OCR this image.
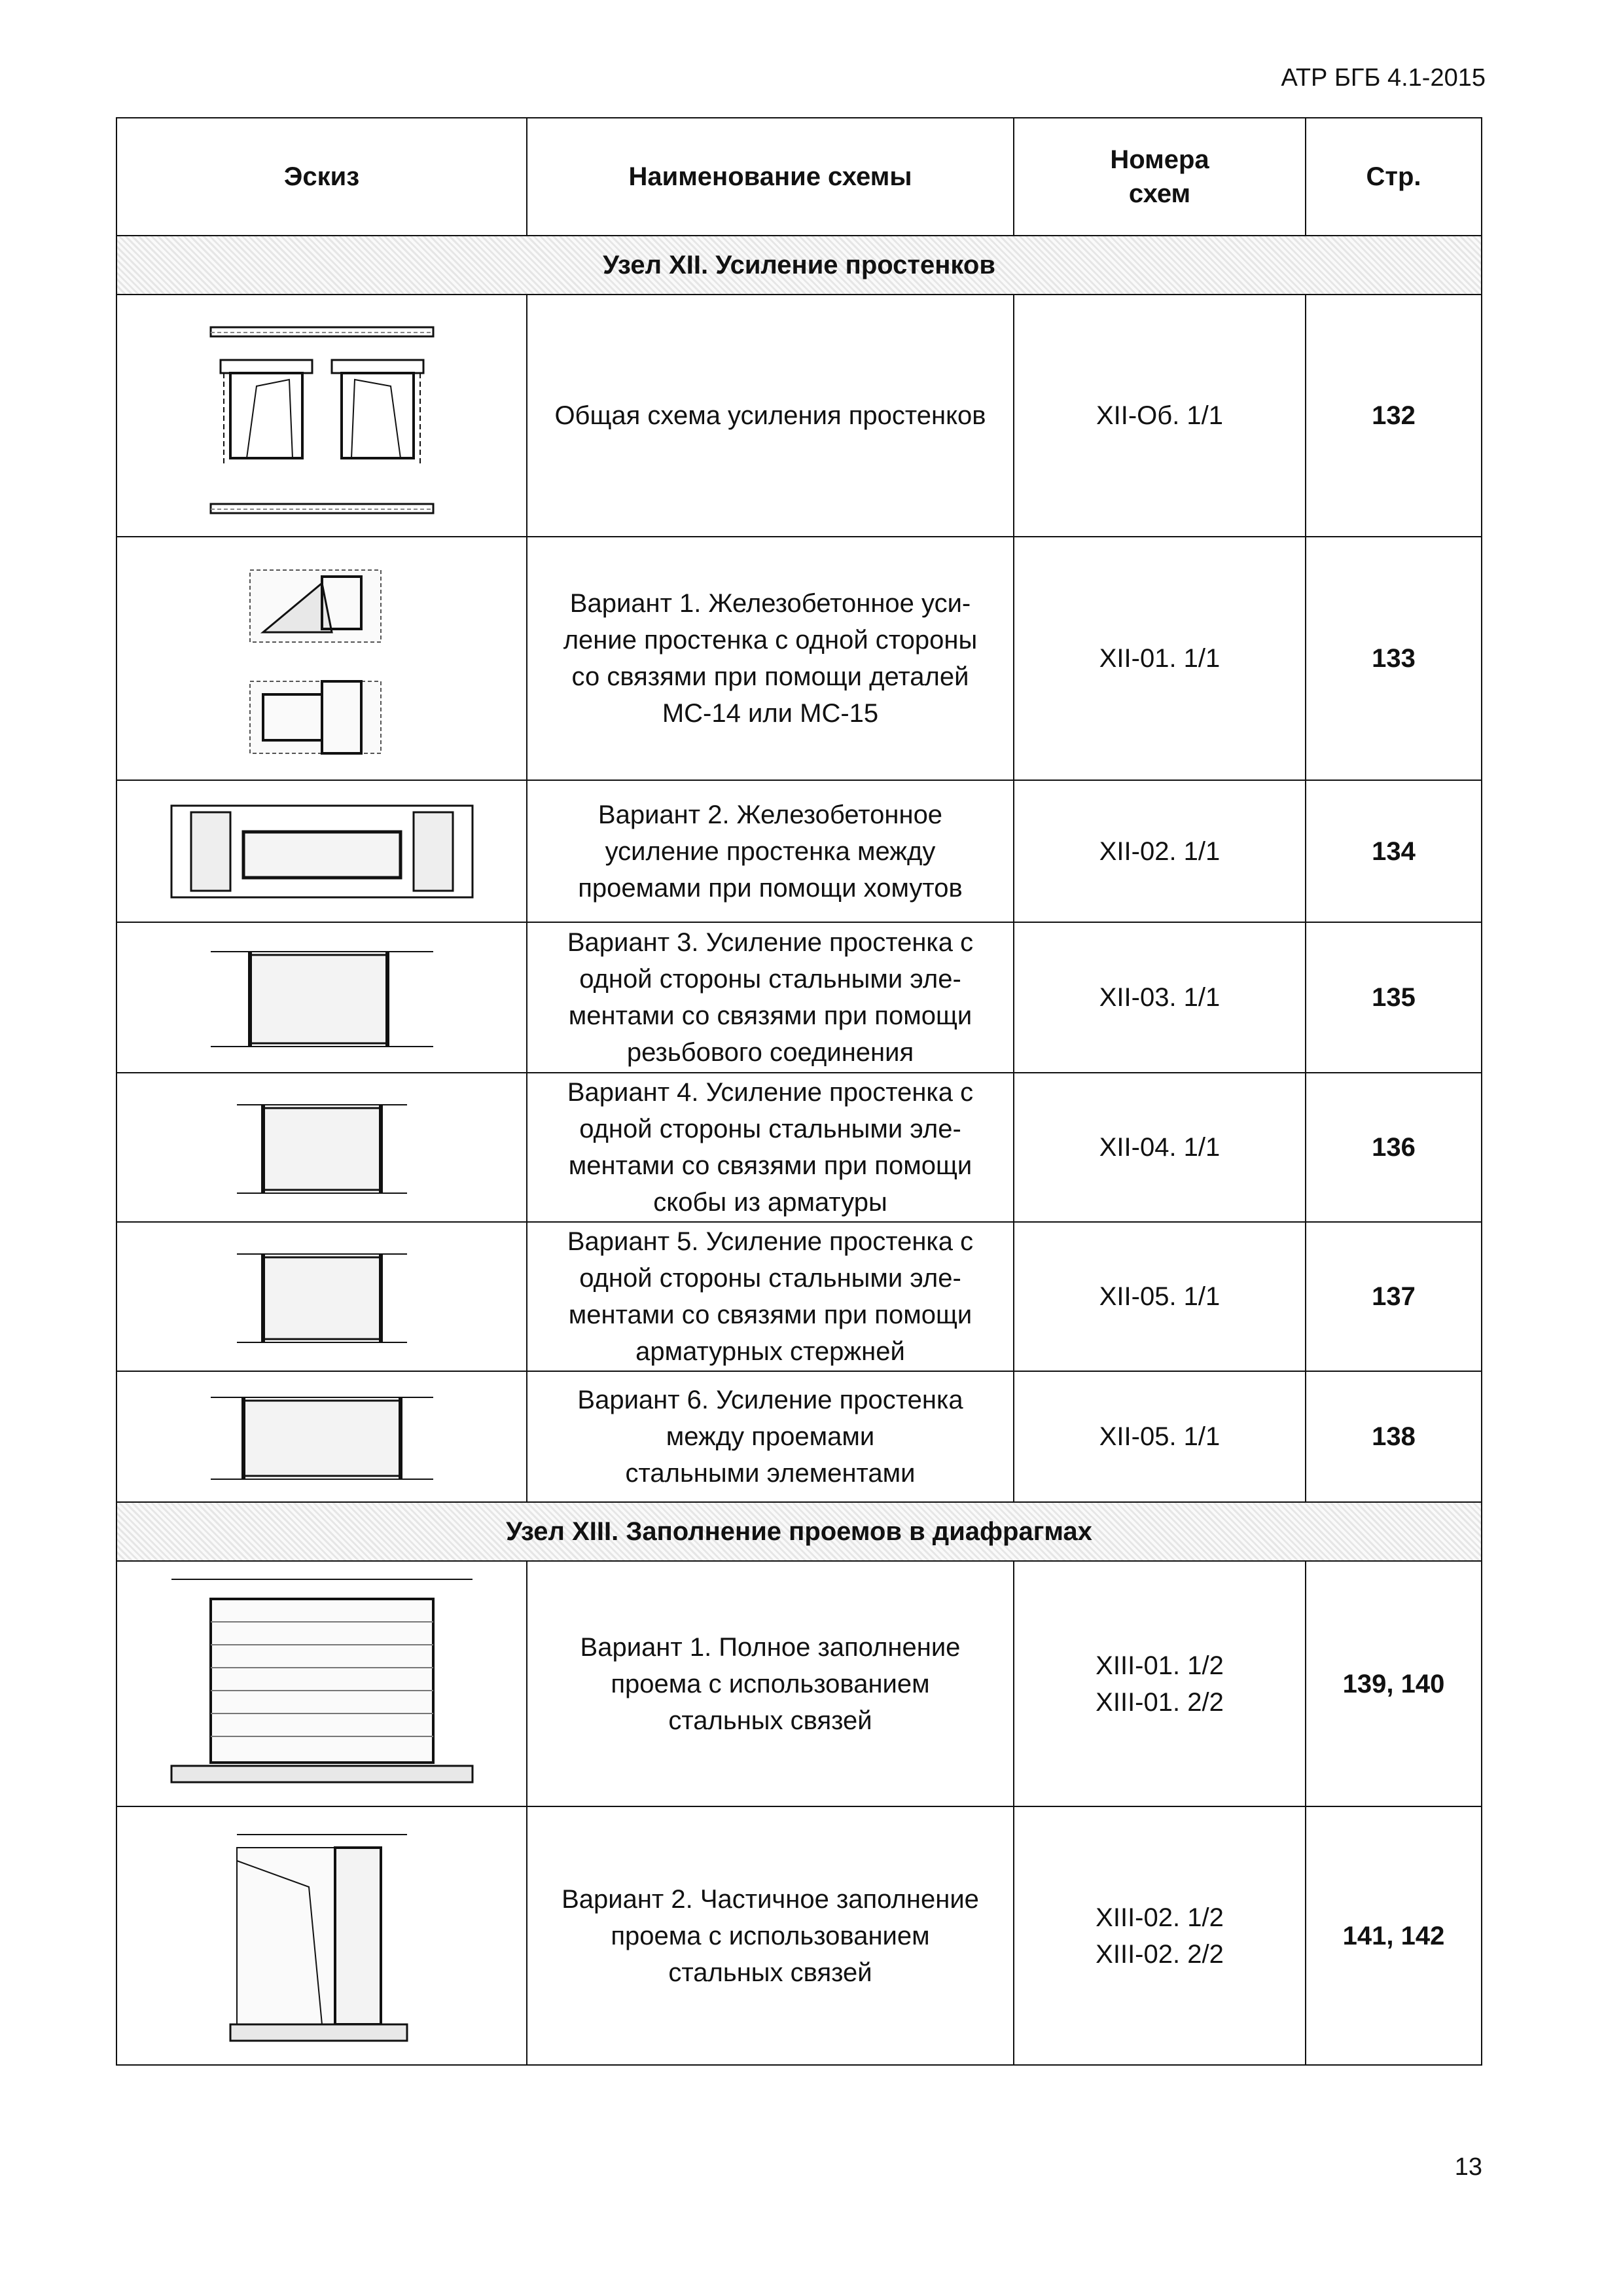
АТР БГБ 4.1-2015
Эскиз	Наименование схемы	Номера
схем	Стр.
Узел XII. Усиление простенков			

	Общая схема усиления простенков	XII-Об. 1/1	132

	Вариант 1. Железобетонное уси-
ление простенка с одной стороны
со связями при помощи деталей
МС-14 или МС-15	XII-01. 1/1	133

	Вариант 2. Железобетонное
усиление простенка между
проемами при помощи хомутов	XII-02. 1/1	134

	Вариант 3. Усиление простенка с
одной стороны стальными эле-
ментами со связями при помощи
резьбового соединения	XII-03. 1/1	135

	Вариант 4. Усиление простенка с
одной стороны стальными эле-
ментами со связями при помощи
скобы из арматуры	XII-04. 1/1	136

	Вариант 5. Усиление простенка с
одной стороны стальными эле-
ментами со связями при помощи
арматурных стержней	XII-05. 1/1	137

	Вариант 6. Усиление простенка
между проемами
стальными элементами	XII-05. 1/1	138
Узел XIII. Заполнение проемов в диафрагмах			

	Вариант 1. Полное заполнение
проема с использованием
стальных связей	XIII-01. 1/2
XIII-01. 2/2	139, 140

	Вариант 2. Частичное заполнение
проема с использованием
стальных связей	XIII-02. 1/2
XIII-02. 2/2	141, 142
13
